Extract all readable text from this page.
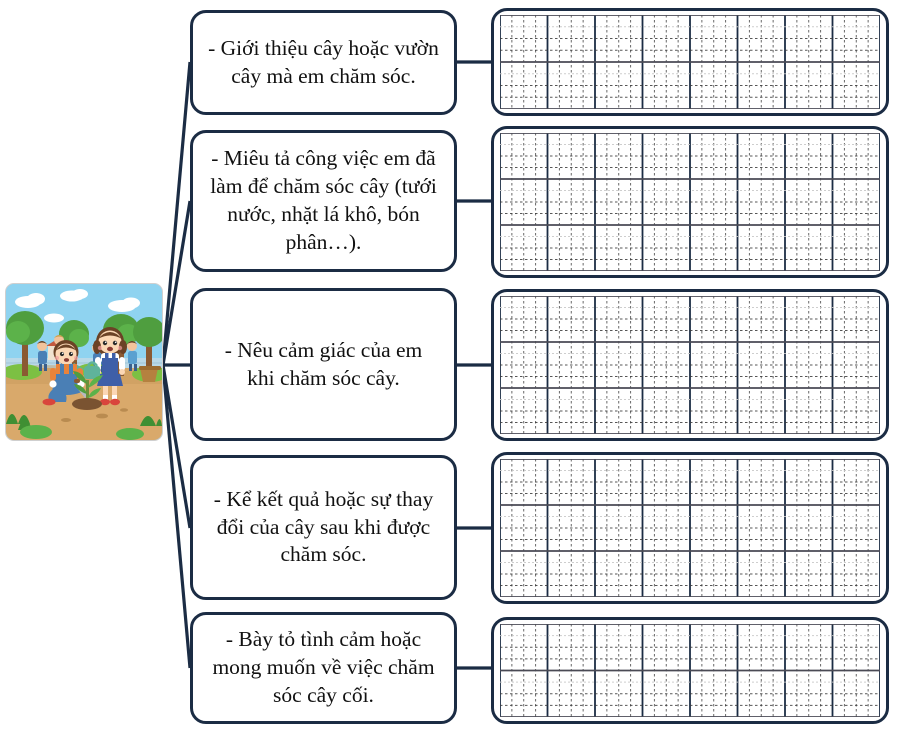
- Giới thiệu cây hoặc vườn
cây mà em chăm sóc.
- Miêu tả công việc em đã
làm để chăm sóc cây (tưới
nước, nhặt lá khô, bón
phân…).
- Nêu cảm giác của em
khi chăm sóc cây.
- Kể kết quả hoặc sự thay
đổi của cây sau khi được
chăm sóc.
- Bày tỏ tình cảm hoặc
mong muốn về việc chăm
sóc cây cối.
